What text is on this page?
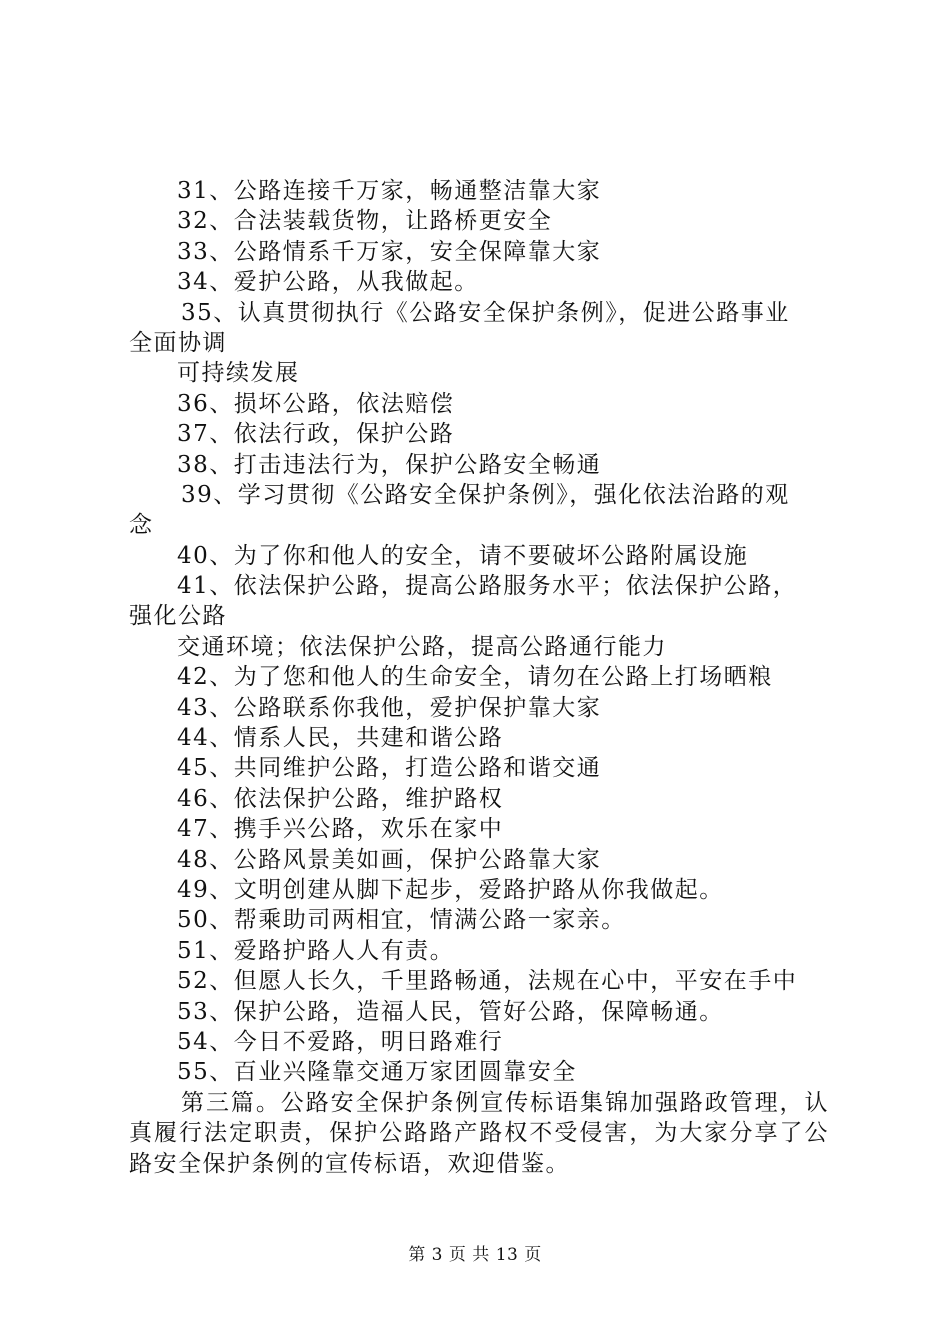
31、公路连接千万家，畅通整洁靠大家
32、合法装载货物，让路桥更安全
33、公路情系千万家，安全保障靠大家
34、爱护公路，从我做起。
35、认真贯彻执行《公路安全保护条例》，促进公路事业
全面协调
可持续发展
36、损坏公路，依法赔偿
37、依法行政，保护公路
38、打击违法行为，保护公路安全畅通
39、学习贯彻《公路安全保护条例》，强化依法治路的观
念
40、为了你和他人的安全，请不要破坏公路附属设施
41、依法保护公路，提高公路服务水平；依法保护公路，
强化公路
交通环境；依法保护公路，提高公路通行能力
42、为了您和他人的生命安全，请勿在公路上打场晒粮
43、公路联系你我他，爱护保护靠大家
44、情系人民，共建和谐公路
45、共同维护公路，打造公路和谐交通
46、依法保护公路，维护路权
47、携手兴公路，欢乐在家中
48、公路风景美如画，保护公路靠大家
49、文明创建从脚下起步，爱路护路从你我做起。
50、帮乘助司两相宜，情满公路一家亲。
51、爱路护路人人有责。
52、但愿人长久，千里路畅通，法规在心中，平安在手中
53、保护公路，造福人民，管好公路，保障畅通。
54、今日不爱路，明日路难行
55、百业兴隆靠交通万家团圆靠安全
第三篇。公路安全保护条例宣传标语集锦加强路政管理，认真履行法定职责，保护公路路产路权不受侵害，为大家分享了公路安全保护条例的宣传标语，欢迎借鉴。
第 3 页 共 13 页
